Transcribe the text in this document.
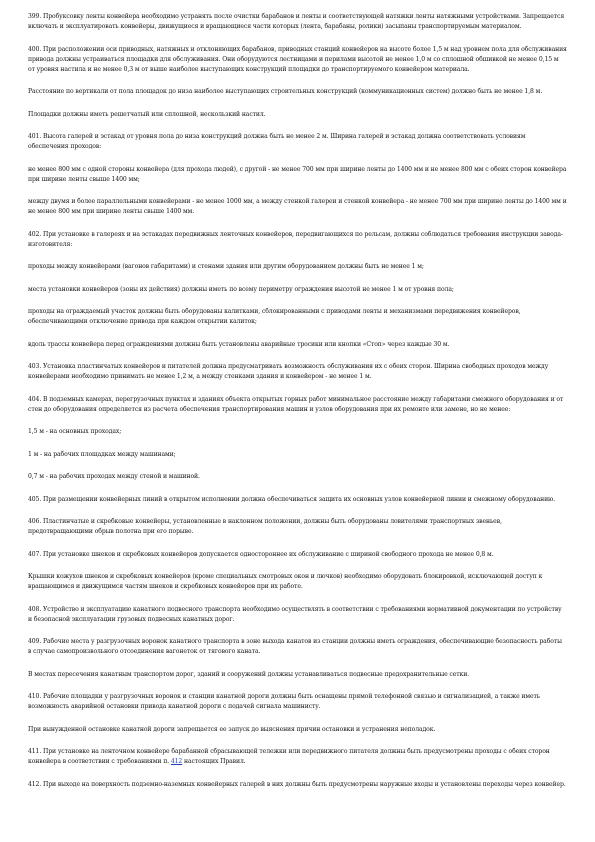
399. Пробуксовку ленты конвейера необходимо устранять после очистки барабанов и ленты и соответствующей натяжки ленты натяжными устройствами. Запрещается включать и эксплуатировать конвейеры, движущиеся и вращающиеся части которых (лента, барабаны, ролики) засыпаны транспортируемым материалом.

400. При расположении оси приводных, натяжных и отклоняющих барабанов, приводных станций конвейеров на высоте более 1,5 м над уровнем пола для обслуживания привода должны устраиваться площадки для обслуживания. Они оборудуются лестницами и перилами высотой не менее 1,0 м со сплошной обшивкой не менее 0,15 м от уровня настила и не менее 0,3 м от выше наиболее выступающих конструкций площадки до транспортируемого конвейером материала.

Расстояние по вертикали от пола площадок до низа наиболее выступающих строительных конструкций (коммуникационных систем) должно быть не менее 1,8 м.

Площадки должны иметь решетчатый или сплошной, нескользкий настил.

401. Высота галерей и эстакад от уровня пола до низа конструкций должна быть не менее 2 м. Ширина галерей и эстакад должна соответствовать условиям обеспечения проходов:

не менее 800 мм с одной стороны конвейера (для прохода людей), с другой - не менее 700 мм при ширине ленты до 1400 мм и не менее 800 мм с обеих сторон конвейера при ширине ленты свыше 1400 мм;

между двумя и более параллельными конвейерами - не менее 1000 мм, а между стенкой галереи и стенкой конвейера - не менее 700 мм при ширине ленты до 1400 мм и не менее 800 мм при ширине ленты свыше 1400 мм.

402. При установке в галереях и на эстакадах передвижных ленточных конвейеров, передвигающихся по рельсам, должны соблюдаться требования инструкции завода-изготовителя:

проходы между конвейерами (вагонов габаритами) и стенами здания или другим оборудованием должны быть не менее 1 м;

места установки конвейеров (зоны их действия) должны иметь по всему периметру ограждения высотой не менее 1 м от уровня пола;

проходы на ограждаемый участок должны быть оборудованы калитками, сблокированными с приводами ленты и механизмами передвижения конвейеров, обеспечивающими отключение привода при каждом открытии калиток;

вдоль трассы конвейера перед ограждениями должны быть установлены аварийные тросики или кнопки «Стоп» через каждые 30 м.

403. Установка пластинчатых конвейеров и питателей должна предусматривать возможность обслуживания их с обеих сторон. Ширина свободных проходов между конвейерами необходимо принимать не менее 1,2 м, а между стенками здания и конвейером - не менее 1 м.

404. В подземных камерах, перегрузочных пунктах и зданиях объекта открытых горных работ минимальное расстояние между габаритами смежного оборудования и от стен до оборудования определяется из расчета обеспечения транспортирования машин и узлов оборудования при их ремонте или замене, но не менее:

1,5 м - на основных проходах;

1 м - на рабочих площадках между машинами;

0,7 м - на рабочих проходах между стеной и машиной.

405. При размещении конвейерных линий в открытом исполнении должна обеспечиваться защита их основных узлов конвейерной линии и смежному оборудованию.

406. Пластинчатые и скребковые конвейеры, установленные в наклонном положении, должны быть оборудованы ловителями транспортных звеньев, предотвращающими обрыв полотна при его порыве.

407. При установке шнеков и скребковых конвейеров допускается одностороннее их обслуживание с шириной свободного прохода не менее 0,8 м.

Крышки кожухов шнеков и скребковых конвейеров (кроме специальных смотровых окон и лючков) необходимо оборудовать блокировкой, исключающей доступ к вращающимся и движущимся частям шнеков и скребковых конвейеров при их работе.

408. Устройство и эксплуатацию канатного подвесного транспорта необходимо осуществлять в соответствии с требованиями нормативной документации по устройству и безопасной эксплуатации грузовых подвесных канатных дорог.

409. Рабочие места у разгрузочных воронок канатного транспорта в зоне выхода канатов из станции должны иметь ограждения, обеспечивающие безопасность работы в случае самопроизвольного отсоединения вагонеток от тягового каната.

В местах пересечения канатным транспортом дорог, зданий и сооружений должны устанавливаться подвесные предохранительные сетки.

410. Рабочие площадки у разгрузочных воронок и станции канатной дороги должны быть оснащены прямой телефонной связью и сигнализацией, а также иметь возможность аварийной остановки привода канатной дороги с подачей сигнала машинисту.

При вынужденной остановке канатной дороги запрещается ее запуск до выяснения причин остановки и устранения неполадок.

411. При установке на ленточном конвейере барабанной сбрасывающей тележки или передвижного питателя должны быть предусмотрены проходы с обеих сторон конвейера в соответствии с требованиями п. 412 настоящих Правил.

412. При выходе на поверхность подземно-наземных конвейерных галерей в них должны быть предусмотрены наружные входы и установлены переходы через конвейер.
